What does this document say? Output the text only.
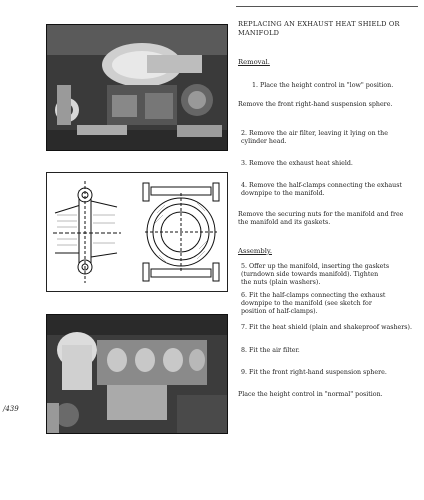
REPLACING AN EXHAUST HEAT SHIELD OR
MANIFOLD
Removal.
1. Place the height control in "low" position.
Remove the front right-hand suspension sphere.
2. Remove the air filter, leaving it lying on the
cylinder head.
3. Remove the exhaust heat shield.
4. Remove the half-clamps connecting the exhaust
downpipe to the manifold.
Remove the securing nuts for the manifold and free
the manifold and its gaskets.
Assembly.
5. Offer up the manifold, inserting the gaskets
(turndown side towards manifold). Tighten
the nuts (plain washers).
6. Fit the half-clamps connecting the exhaust
downpipe to the manifold (see sketch for
position of half-clamps).
7. Fit the heat shield (plain and shakeproof washers).
8. Fit the air filter.
9. Fit the front right-hand suspension sphere.
Place the height control in "normal" position.
/439
